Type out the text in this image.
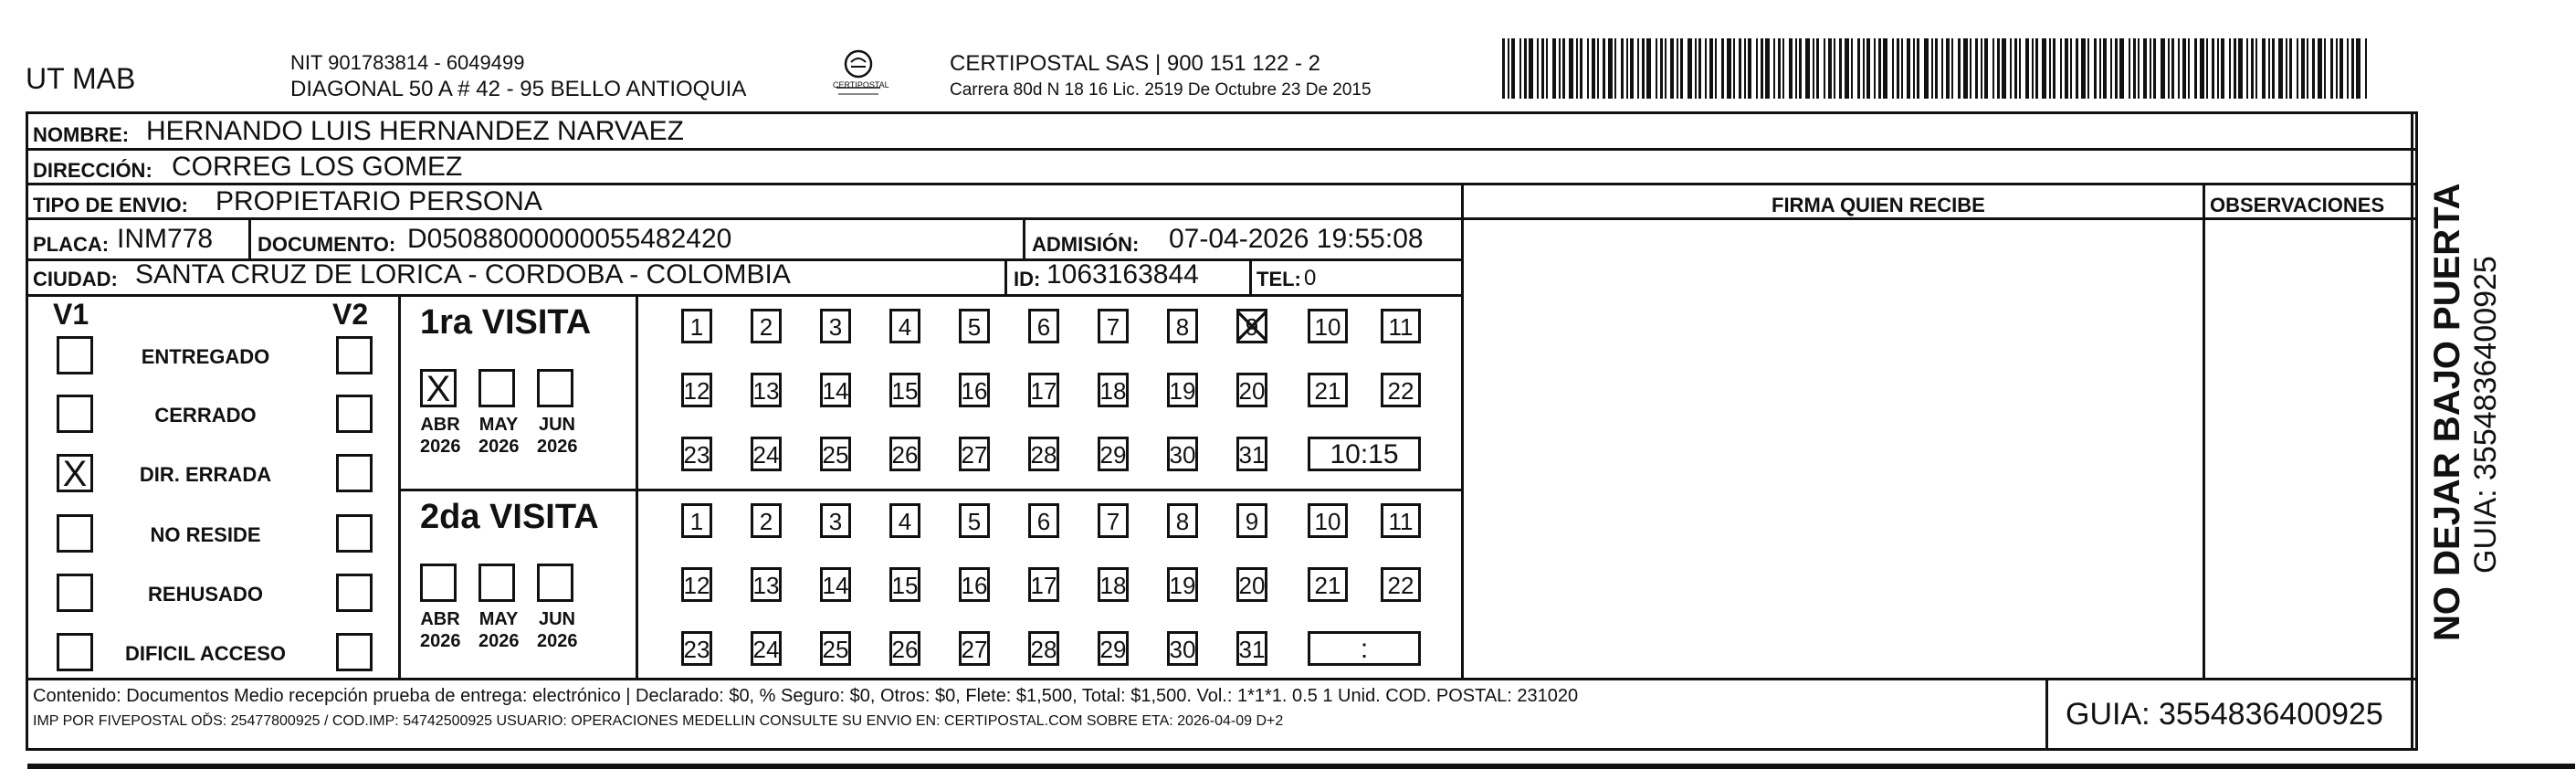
UT MAB	NIT 901783814 - 6049499
DIAGONAL 50 A # 42 - 95 BELLO ANTIOQUIA	CERTIPOSTAL
CERTIPOSTAL SAS | 900 151 122 - 2
Carrera 80d N 18 16 Lic. 2519 De Octubre 23 De 2015
NOMBRE: HERNANDO LUIS HERNANDEZ NARVAEZ
DIRECCIÓN: CORREG LOS GOMEZ
TIPO DE ENVIO: PROPIETARIO PERSONA	FIRMA QUIEN RECIBE	OBSERVACIONES
PLACA: INM778 DOCUMENTO: D05088000000055482420	ADMISIÓN: 07-04-2026 19:55:08
CIUDAD: SANTA CRUZ DE LORICA - CORDOBA - COLOMBIA	ID: 1063163844	TEL: 0
V1	V2
ENTREGADO
CERRADO
X	DIR. ERRADA
NO RESIDE
REHUSADO
DIFICIL ACCESO
1ra VISITA
X
ABR
2026
MAY
2026
JUN
2026
1	2	3	4	5	6	7	8	9	10	11
12 13 14 15 16 17 18 19 20 21 22
23 24 25 26 27 28 29 30 31	10:15
2da VISITA
ABR
2026
MAY
2026
JUN
2026
1	2	3	4	5	6	7	8	9	10	11
12 13 14 15 16 17 18 19 20 21 22
23 24 25 26 27 28 29 30 31	:
Contenido: Documentos Medio recepción prueba de entrega: electrónico | Declarado: $0, % Seguro: $0, Otros: $0, Flete: $1,500, Total: $1,500. Vol.: 1*1*1. 0.5 1 Unid. COD. POSTAL: 231020
IMP POR FIVEPOSTAL OĎS: 25477800925 / COD.IMP: 54742500925 USUARIO: OPERACIONES MEDELLIN CONSULTE SU ENVIO EN: CERTIPOSTAL.COM SOBRE ETA: 2026-04-09 D+2	GUIA: 3554836400925
NO DEJAR BAJO PUERTA GUIA: 3554836400925
